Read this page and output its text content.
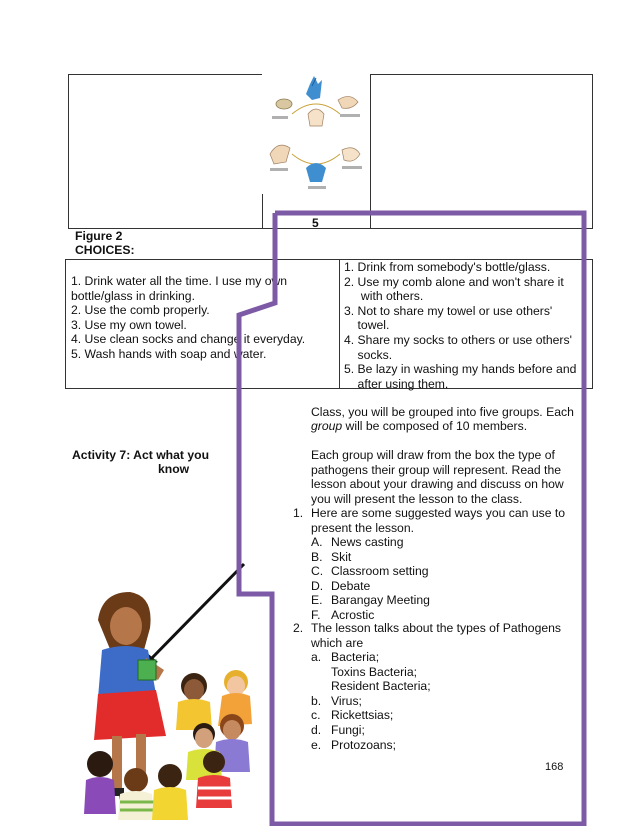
5
Figure 2
CHOICES:
1. Drink water all the time. I use my own
bottle/glass in drinking.
2. Use the comb properly.
3. Use my own towel.
4. Use clean socks and change it everyday.
5. Wash hands with soap and water.
1. Drink from somebody's bottle/glass.
2. Use my comb alone and won't share it
with others.
3. Not to share my towel or use others'
towel.
4. Share my socks to others or use others'
socks.
5. Be lazy in washing my hands before and
after using them.
Activity 7: Act what you
know
Class, you will be grouped into five groups. Each
group will be composed of 10 members.
Each group will draw from the box the type of
pathogens their group will represent. Read the
lesson about your drawing and discuss on how
you will present the lesson to the class.
1. Here are some suggested ways you can use to
present the lesson.
A. News casting
B. Skit
C. Classroom setting
D. Debate
E. Barangay Meeting
F. Acrostic
2. The lesson talks about the types of Pathogens
which are
a. Bacteria;
Toxins Bacteria;
Resident Bacteria;
b. Virus;
c. Rickettsias;
d. Fungi;
e. Protozoans;
168
